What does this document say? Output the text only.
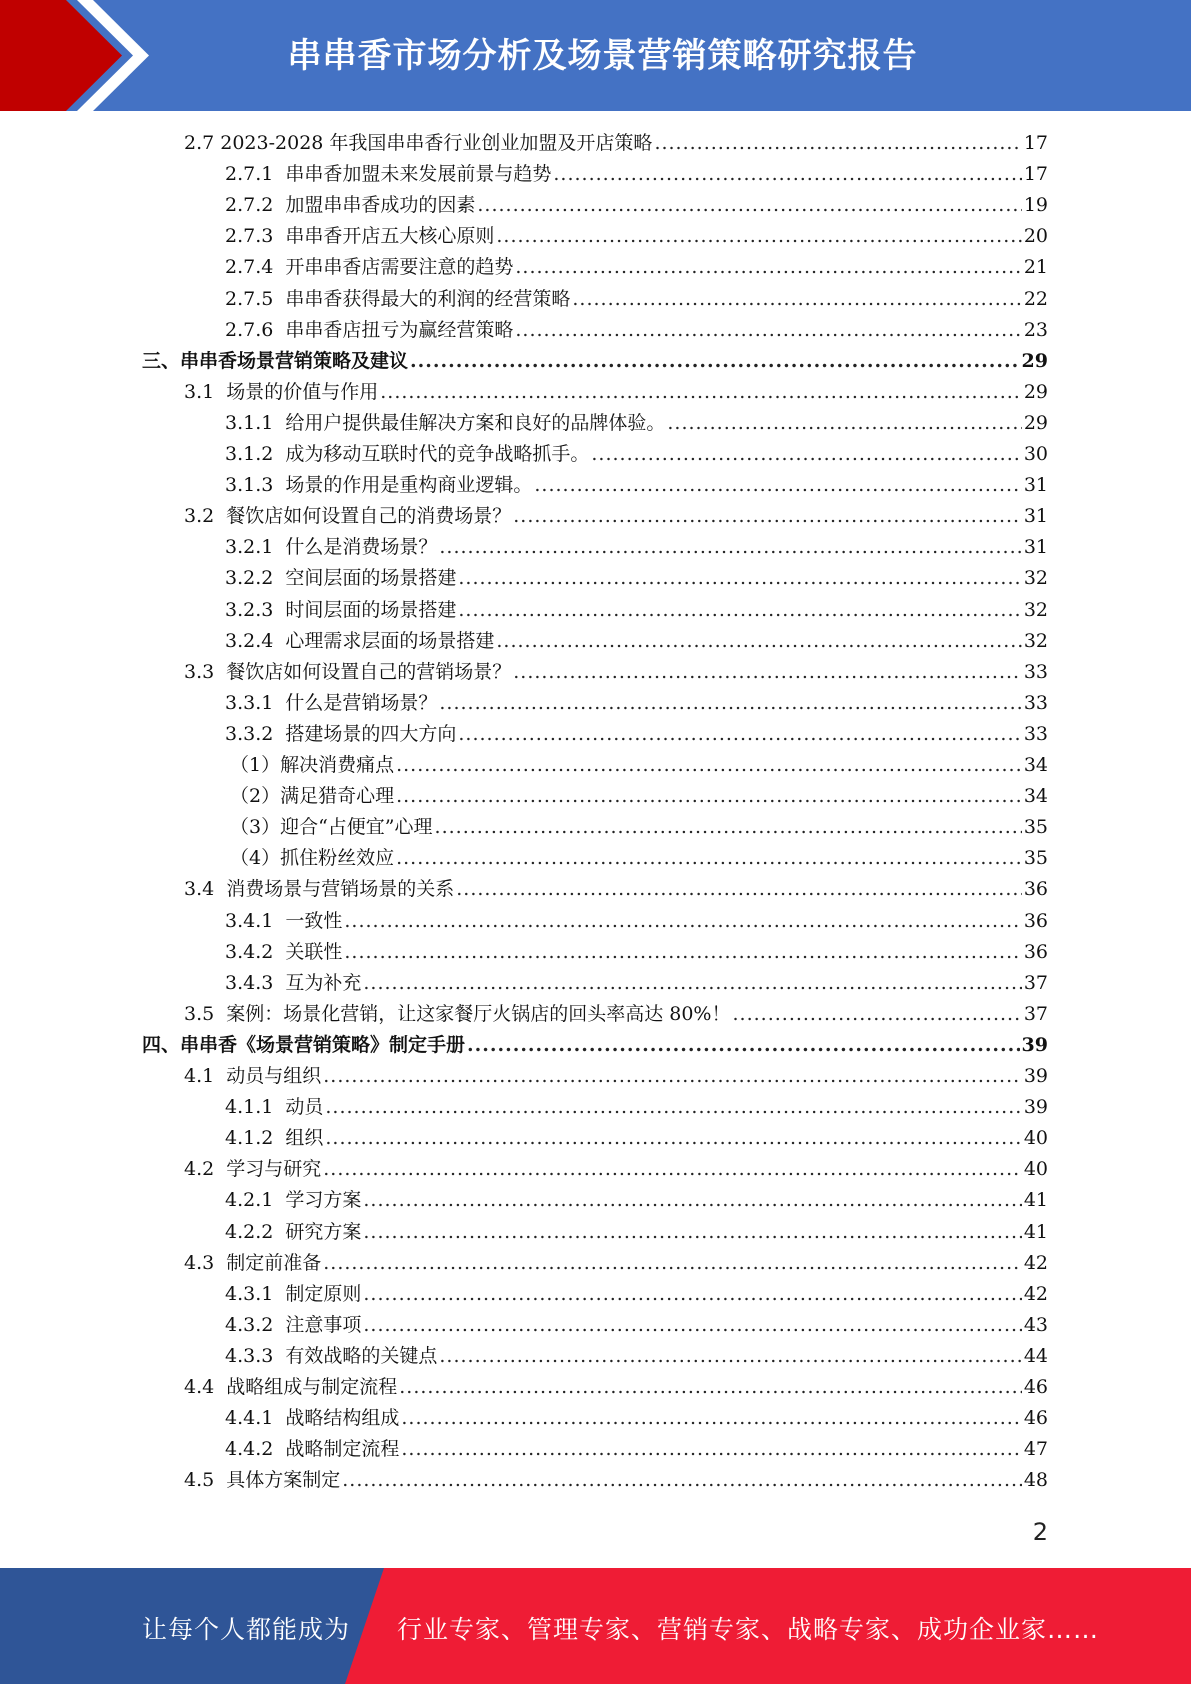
串串香市场分析及场景营销策略研究报告
2.7 2023-2028 年我国串串香行业创业加盟及开店策略 .....	17
2.7.1 串串香加盟未来发展前景与趋势 .....	17
2.7.2 加盟串串香成功的因素 .....	19
2.7.3 串串香开店五大核心原则 .....	20
2.7.4 开串串香店需要注意的趋势 .....	21
2.7.5 串串香获得最大的利润的经营策略 .....	22
2.7.6 串串香店扭亏为赢经营策略 .....	23
三、串串香场景营销策略及建议 .....	29
3.1 场景的价值与作用 .....	29
3.1.1 给用户提供最佳解决方案和良好的品牌体验。 .....	29
3.1.2 成为移动互联时代的竞争战略抓手。 .....	30
3.1.3 场景的作用是重构商业逻辑。 .....	31
3.2 餐饮店如何设置自己的消费场景？ .....	31
3.2.1 什么是消费场景？ .....	31
3.2.2 空间层面的场景搭建 .....	32
3.2.3 时间层面的场景搭建 .....	32
3.2.4 心理需求层面的场景搭建 .....	32
3.3 餐饮店如何设置自己的营销场景？ .....	33
3.3.1 什么是营销场景？ .....	33
3.3.2 搭建场景的四大方向 .....	33
（1）解决消费痛点 .....	34
（2）满足猎奇心理 .....	34
（3）迎合“占便宜”心理 .....	35
（4）抓住粉丝效应 .....	35
3.4 消费场景与营销场景的关系 .....	36
3.4.1 一致性 .....	36
3.4.2 关联性 .....	36
3.4.3 互为补充 .....	37
3.5 案例：场景化营销，让这家餐厅火锅店的回头率高达 80%！ .....	37
四、串串香《场景营销策略》制定手册 .....	39
4.1 动员与组织 .....	39
4.1.1 动员 .....	39
4.1.2 组织 .....	40
4.2 学习与研究 .....	40
4.2.1 学习方案 .....	41
4.2.2 研究方案 .....	41
4.3 制定前准备 .....	42
4.3.1 制定原则 .....	42
4.3.2 注意事项 .....	43
4.3.3 有效战略的关键点 .....	44
4.4 战略组成与制定流程 .....	46
4.4.1 战略结构组成 .....	46
4.4.2 战略制定流程 .....	47
4.5 具体方案制定 .....	48
2
让每个人都能成为 行业专家、管理专家、营销专家、战略专家、成功企业家……
